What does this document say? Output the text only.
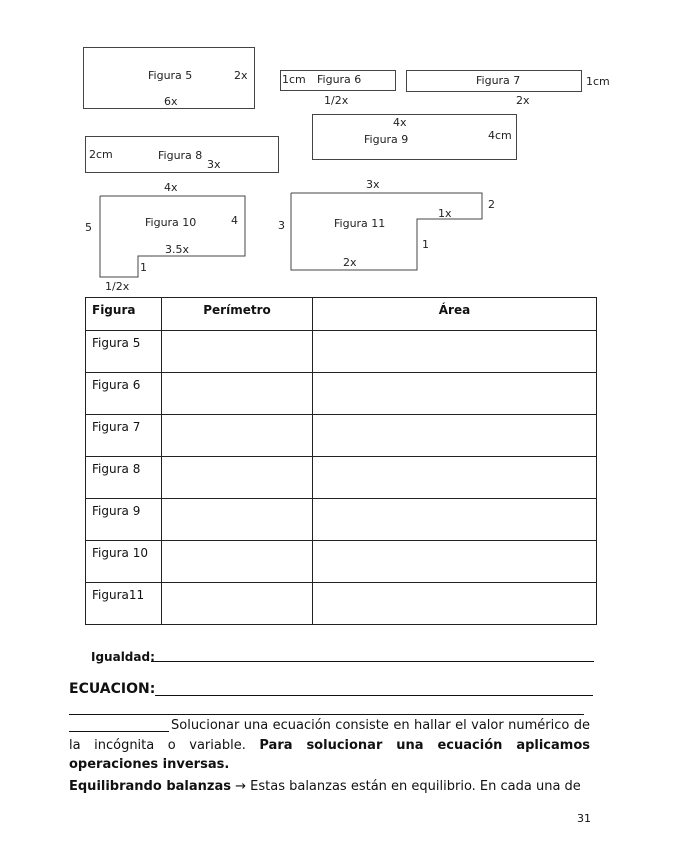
Figura 5	2x
6x
1cm Figura 6
1/2x
Figura 7	1cm
2x
4x
Figura 9	4cm
2cm	Figura 8
3x
4x
5	Figura 10	4
3.5x
1
1/2x
3x
2
1x
3	Figura 11
1
2x
Figura	Perímetro	Área
Figura 5		
Figura 6		
Figura 7		
Figura 8		
Figura 9		
Figura 10		
Figura11		
Igualdad:
ECUACION:
Solucionar una ecuación consiste en hallar el valor numérico de la incógnita o variable. Para solucionar una ecuación aplicamos operaciones inversas.
Equilibrando balanzas → Estas balanzas están en equilibrio. En cada una de
31
